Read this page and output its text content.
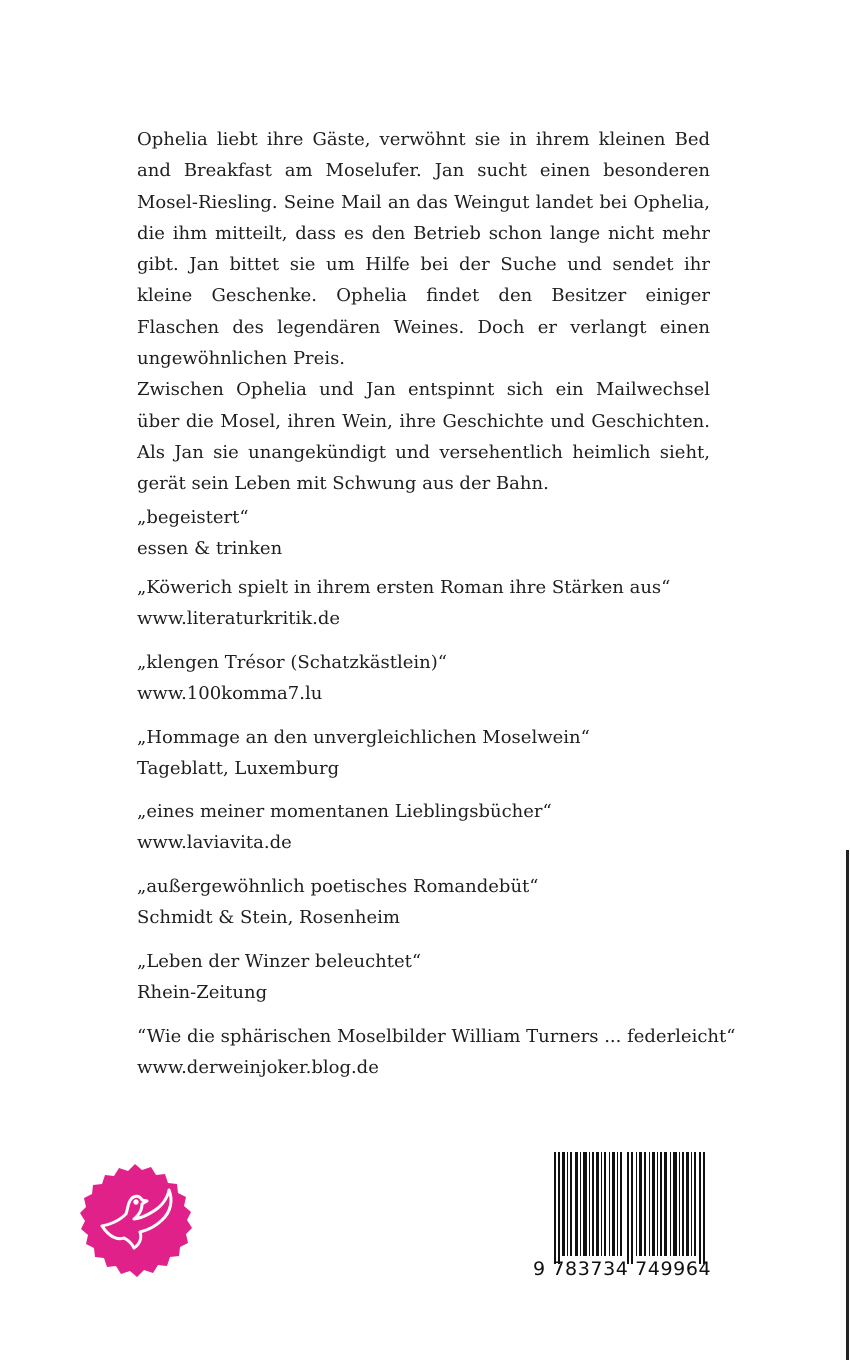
Ophelia liebt ihre Gäste, verwöhnt sie in ihrem kleinen Bed and Breakfast am Moselufer. Jan sucht einen besonderen Mosel-Riesling. Seine Mail an das Weingut landet bei Ophelia, die ihm mitteilt, dass es den Betrieb schon lange nicht mehr gibt. Jan bittet sie um Hilfe bei der Suche und sendet ihr kleine Geschenke. Ophelia findet den Besitzer einiger Flaschen des legendären Weines. Doch er verlangt einen ungewöhnlichen Preis.

Zwischen Ophelia und Jan entspinnt sich ein Mailwechsel über die Mosel, ihren Wein, ihre Geschichte und Geschichten. Als Jan sie unangekündigt und versehentlich heimlich sieht, gerät sein Leben mit Schwung aus der Bahn.

„begeistert“
essen & trinken
„Köwerich spielt in ihrem ersten Roman ihre Stärken aus“
www.literaturkritik.de
„klengen Trésor (Schatzkästlein)“
www.100komma7.lu
„Hommage an den unvergleichlichen Moselwein“
Tageblatt, Luxemburg
„eines meiner momentanen Lieblingsbücher“
www.laviavita.de
„außergewöhnlich poetisches Romandebüt“
Schmidt & Stein, Rosenheim
„Leben der Winzer beleuchtet“
Rhein-Zeitung
“Wie die sphärischen Moselbilder William Turners ... federleicht“
www.derweinjoker.blog.de
9 783734 749964
